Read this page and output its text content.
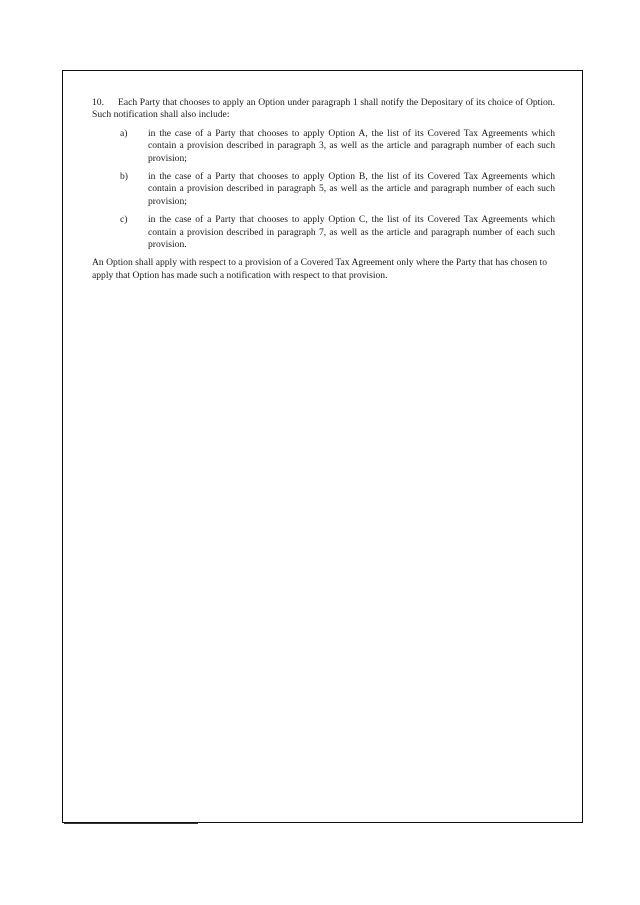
10. Each Party that chooses to apply an Option under paragraph 1 shall notify the Depositary of its choice of Option. Such notification shall also include:

a)	in the case of a Party that chooses to apply Option A, the list of its Covered Tax Agreements which contain a provision described in paragraph 3, as well as the article and paragraph number of each such provision;
b)	in the case of a Party that chooses to apply Option B, the list of its Covered Tax Agreements which contain a provision described in paragraph 5, as well as the article and paragraph number of each such provision;
c)	in the case of a Party that chooses to apply Option C, the list of its Covered Tax Agreements which contain a provision described in paragraph 7, as well as the article and paragraph number of each such provision.

An Option shall apply with respect to a provision of a Covered Tax Agreement only where the Party that has chosen to apply that Option has made such a notification with respect to that provision.
